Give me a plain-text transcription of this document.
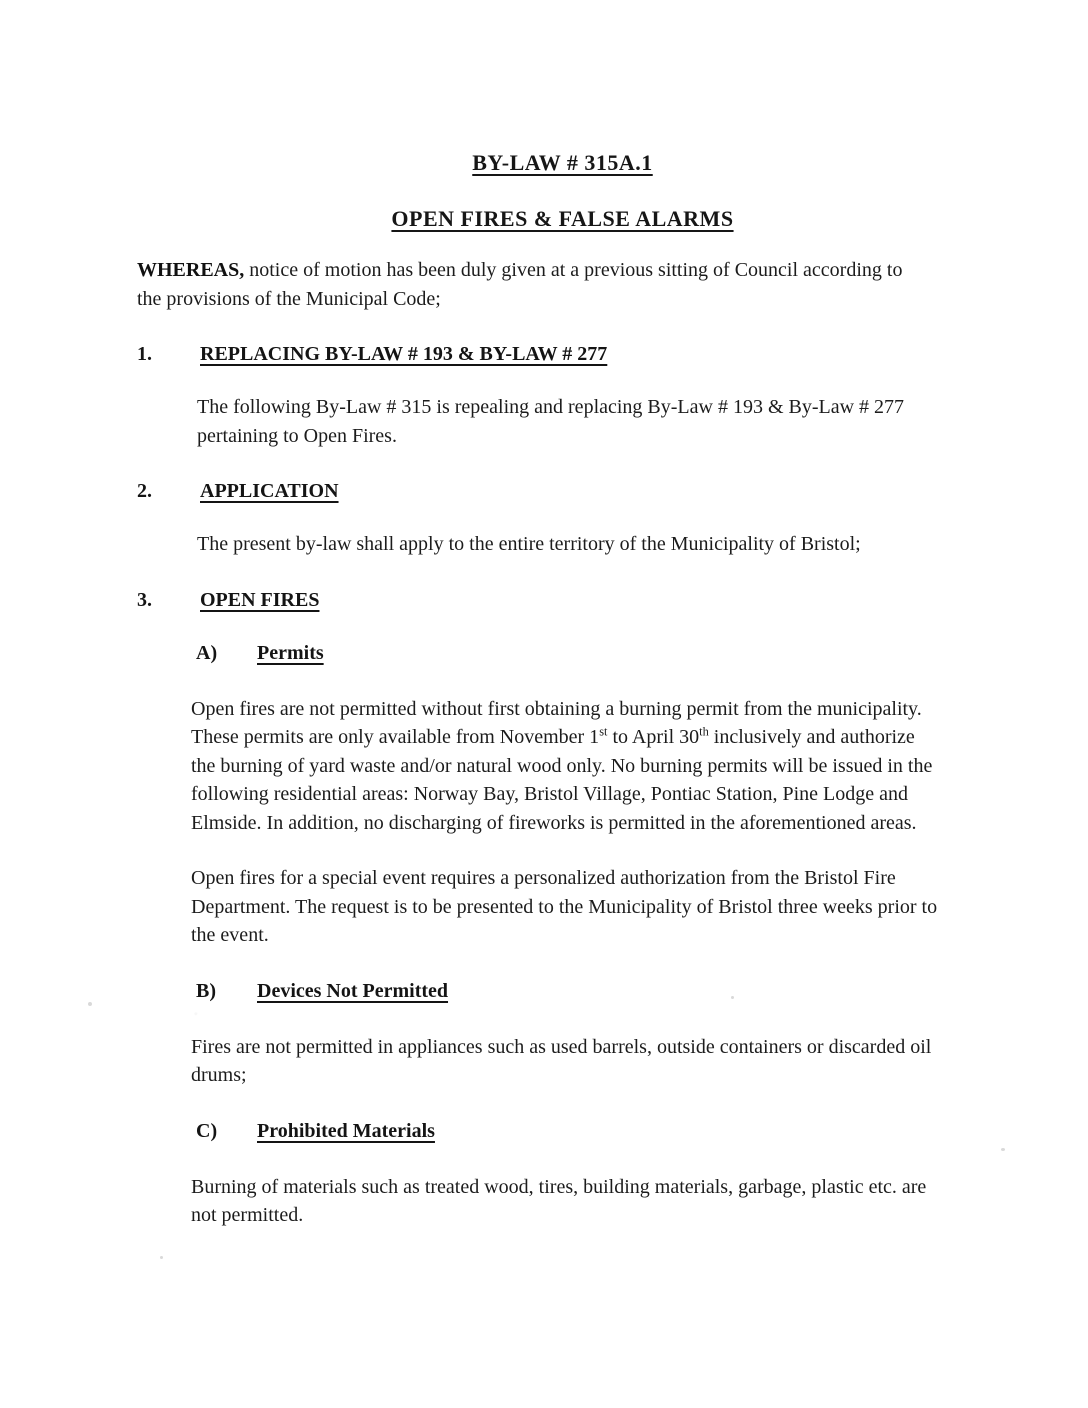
BY-LAW # 315A.1
OPEN FIRES & FALSE ALARMS

WHEREAS, notice of motion has been duly given at a previous sitting of Council according to the provisions of the Municipal Code;

1.	REPLACING BY-LAW # 193 & BY-LAW # 277

The following By-Law # 315 is repealing and replacing By-Law # 193 & By-Law # 277 pertaining to Open Fires.

2.	APPLICATION

The present by-law shall apply to the entire territory of the Municipality of Bristol;

3.	OPEN FIRES
A)	Permits

Open fires are not permitted without first obtaining a burning permit from the municipality. These permits are only available from November 1st to April 30th inclusively and authorize the burning of yard waste and/or natural wood only. No burning permits will be issued in the following residential areas: Norway Bay, Bristol Village, Pontiac Station, Pine Lodge and Elmside. In addition, no discharging of fireworks is permitted in the aforementioned areas.

Open fires for a special event requires a personalized authorization from the Bristol Fire Department. The request is to be presented to the Municipality of Bristol three weeks prior to the event.

B)	Devices Not Permitted

Fires are not permitted in appliances such as used barrels, outside containers or discarded oil drums;

C)	Prohibited Materials

Burning of materials such as treated wood, tires, building materials, garbage, plastic etc. are not permitted.
